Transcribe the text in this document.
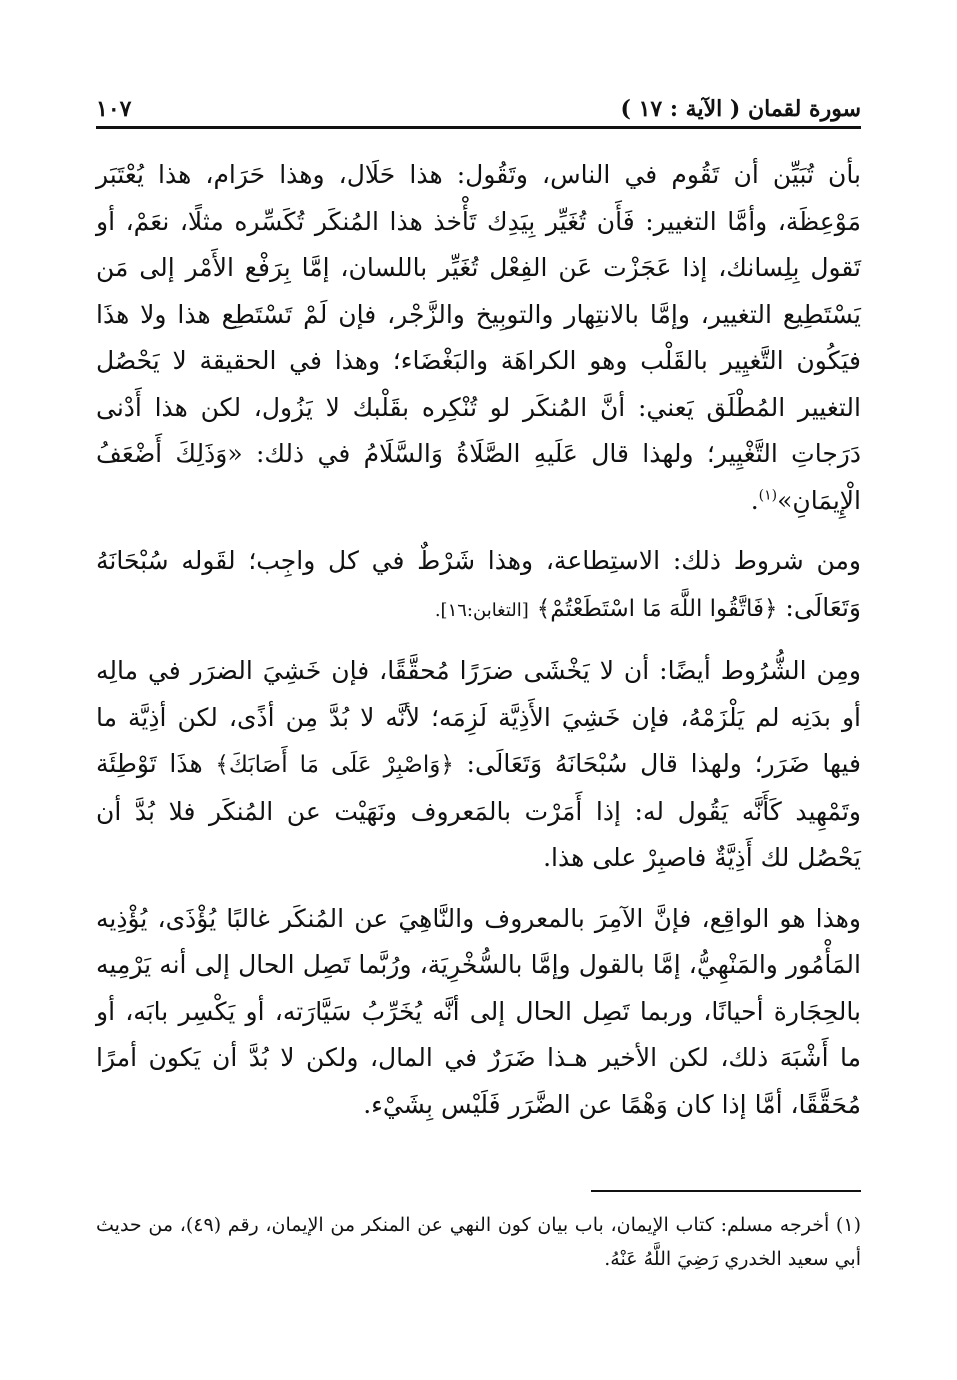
١٠٧	سورة لقمان ( الآية : ١٧ )

بأن تُبَيِّن أن تَقُوم في الناس، وتَقُول: هذا حَلَال، وهذا حَرَام، هذا يُعْتَبَر مَوْعِظَة، وأمَّا التغيير: فَأَن تُغَيِّر بِيَدِك تَأْخذ هذا المُنكَر تُكَسِّره مثلًا، نعَمْ، أو تَقول بِلِسانك، إذا عَجَزْت عَن الفِعْل تُغَيِّر باللسان، إمَّا بِرَفْع الأَمْر إلى مَن يَسْتَطِيع التغيير، وإمَّا بالانتِهار والتوبِيخ والزَّجْر، فإن لَمْ تَسْتَطِع هذا ولا هذَا فيَكُون التَّغيِير بالقَلْب وهو الكراهَة والبَغْضَاء؛ وهذا في الحقيقة لا يَحْصُل التغيير المُطْلَق يَعني: أنَّ المُنكَر لو تُنْكِره بقَلْبك لا يَزُول، لكن هذا أَدْنى دَرَجاتِ التَّغْيِير؛ ولهذا قال عَلَيهِ الصَّلَاةُ وَالسَّلَامُ في ذلك: «وَذَلِكَ أَضْعَفُ الْإِيمَانِ»$^{(١)}$.

ومن شروط ذلك: الاستِطاعة، وهذا شَرْطٌ في كل واجِب؛ لقَوله سُبْحَانَهُ وَتَعَالَى: ﴿فَاتَّقُوا اللَّهَ مَا اسْتَطَعْتُمْ﴾ [التغابن:١٦].

ومِن الشُّرُوط أيضًا: أن لا يَخْشَى ضرَرًا مُحقَّقًا، فإن خَشِيَ الضرَر في مالِه أو بدَنِه لم يَلْزَمْهُ، فإن خَشِيَ الأَذِيَّة لَزِمَه؛ لأنَّه لا بُدَّ مِن أذًى، لكن أذِيَّة ما فيها ضَرَر؛ ولهذا قال سُبْحَانَهُ وَتَعَالَى: ﴿وَاصْبِرْ عَلَى مَا أَصَابَكَ﴾ هذَا تَوْطِئَة وتَمْهِيد كَأَنَّه يَقُول له: إذا أَمَرْت بالمَعروف ونَهَيْت عن المُنكَر فلا بُدَّ أن يَحْصُل لك أَذِيَّةٌ فاصبِرْ على هذا.

وهذا هو الواقِع، فإنَّ الآمِرَ بالمعروف والنَّاهِيَ عن المُنكَر غالبًا يُؤْذَى، يُؤْذِيه المَأْمُور والمَنْهِيُّ، إمَّا بالقول وإمَّا بالسُّخْرِيَة، ورُبَّما تَصِل الحال إلى أنه يَرْمِيه بالحِجَارة أحيانًا، وربما تَصِل الحال إلى أنَّه يُخَرِّبُ سَيَّارَته، أو يَكْسِر بابَه، أو ما أَشْبَهَ ذلك، لكن الأخير هـذا ضَرَرٌ في المال، ولكن لا بُدَّ أن يَكون أمرًا مُحَقَّقًا، أمَّا إذا كان وَهْمًا عن الضَّرَر فَلَيْس بِشَيْء.

(١) أخرجه مسلم: كتاب الإيمان، باب بيان كون النهي عن المنكر من الإيمان، رقم (٤٩)، من حديث أبي سعيد الخدري رَضِيَ اللَّهُ عَنْهُ.
